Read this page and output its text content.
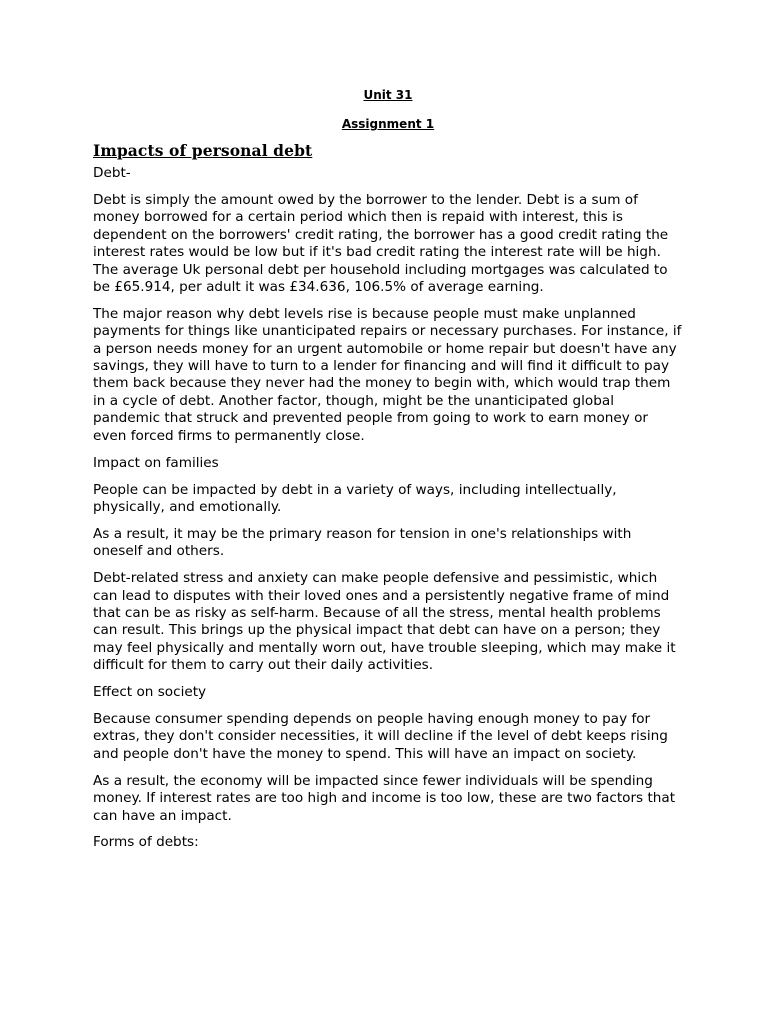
Unit 31
Assignment 1
Impacts of personal debt

Debt-

Debt is simply the amount owed by the borrower to the lender. Debt is a sum of money borrowed for a certain period which then is repaid with interest, this is dependent on the borrowers' credit rating, the borrower has a good credit rating the interest rates would be low but if it's bad credit rating the interest rate will be high. The average Uk personal debt per household including mortgages was calculated to be £65.914, per adult it was £34.636, 106.5% of average earning.

The major reason why debt levels rise is because people must make unplanned payments for things like unanticipated repairs or necessary purchases. For instance, if a person needs money for an urgent automobile or home repair but doesn't have any savings, they will have to turn to a lender for financing and will find it difficult to pay them back because they never had the money to begin with, which would trap them in a cycle of debt. Another factor, though, might be the unanticipated global pandemic that struck and prevented people from going to work to earn money or even forced firms to permanently close.

Impact on families

People can be impacted by debt in a variety of ways, including intellectually, physically, and emotionally.

As a result, it may be the primary reason for tension in one's relationships with oneself and others.

Debt-related stress and anxiety can make people defensive and pessimistic, which can lead to disputes with their loved ones and a persistently negative frame of mind that can be as risky as self-harm. Because of all the stress, mental health problems can result. This brings up the physical impact that debt can have on a person; they may feel physically and mentally worn out, have trouble sleeping, which may make it difficult for them to carry out their daily activities.

Effect on society

Because consumer spending depends on people having enough money to pay for extras, they don't consider necessities, it will decline if the level of debt keeps rising and people don't have the money to spend. This will have an impact on society.

As a result, the economy will be impacted since fewer individuals will be spending money. If interest rates are too high and income is too low, these are two factors that can have an impact.

Forms of debts:
